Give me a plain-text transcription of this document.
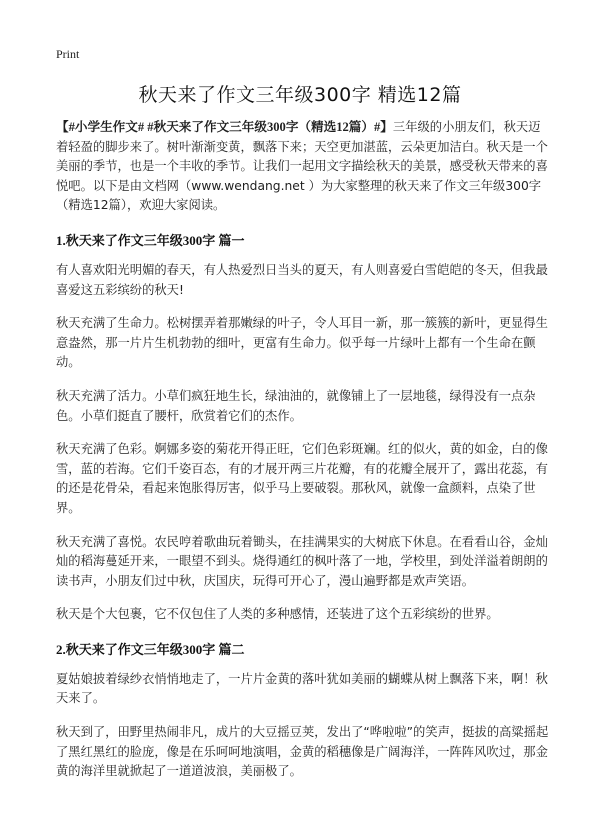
Print
秋天来了作文三年级300字 精选12篇

【#小学生作文# #秋天来了作文三年级300字（精选12篇）#】三年级的小朋友们，秋天迈着轻盈的脚步来了。树叶渐渐变黄，飘落下来；天空更加湛蓝，云朵更加洁白。秋天是一个美丽的季节，也是一个丰收的季节。让我们一起用文字描绘秋天的美景，感受秋天带来的喜悦吧。以下是由文档网（www.wendang.net ）为大家整理的秋天来了作文三年级300字（精选12篇），欢迎大家阅读。

1.秋天来了作文三年级300字 篇一

有人喜欢阳光明媚的春天，有人热爱烈日当头的夏天，有人则喜爱白雪皑皑的冬天，但我最喜爱这五彩缤纷的秋天!

秋天充满了生命力。松树摆弄着那嫩绿的叶子，令人耳目一新，那一簇簇的新叶，更显得生意盎然，那一片片生机勃勃的细叶，更富有生命力。似乎每一片绿叶上都有一个生命在颤动。

秋天充满了活力。小草们疯狂地生长，绿油油的，就像铺上了一层地毯，绿得没有一点杂色。小草们挺直了腰杆，欣赏着它们的杰作。

秋天充满了色彩。婀娜多姿的菊花开得正旺，它们色彩斑斓。红的似火，黄的如金，白的像雪，蓝的若海。它们千姿百态，有的才展开两三片花瓣，有的花瓣全展开了，露出花蕊，有的还是花骨朵，看起来饱胀得厉害，似乎马上要破裂。那秋风，就像一盒颜料，点染了世界。

秋天充满了喜悦。农民哼着歌曲玩着锄头，在挂满果实的大树底下休息。在看看山谷，金灿灿的稻海蔓延开来，一眼望不到头。烧得通红的枫叶落了一地，学校里，到处洋溢着朗朗的读书声，小朋友们过中秋，庆国庆，玩得可开心了，漫山遍野都是欢声笑语。

秋天是个大包裹，它不仅包住了人类的多种感情，还装进了这个五彩缤纷的世界。

2.秋天来了作文三年级300字 篇二

夏姑娘披着绿纱衣悄悄地走了，一片片金黄的落叶犹如美丽的蝴蝶从树上飘落下来，啊！秋天来了。

秋天到了，田野里热闹非凡，成片的大豆摇豆荚，发出了“哗啦啦”的笑声，挺拔的高粱摇起了黑红黑红的脸庞，像是在乐呵呵地演唱，金黄的稻穗像是广阔海洋，一阵阵风吹过，那金黄的海洋里就掀起了一道道波浪，美丽极了。
